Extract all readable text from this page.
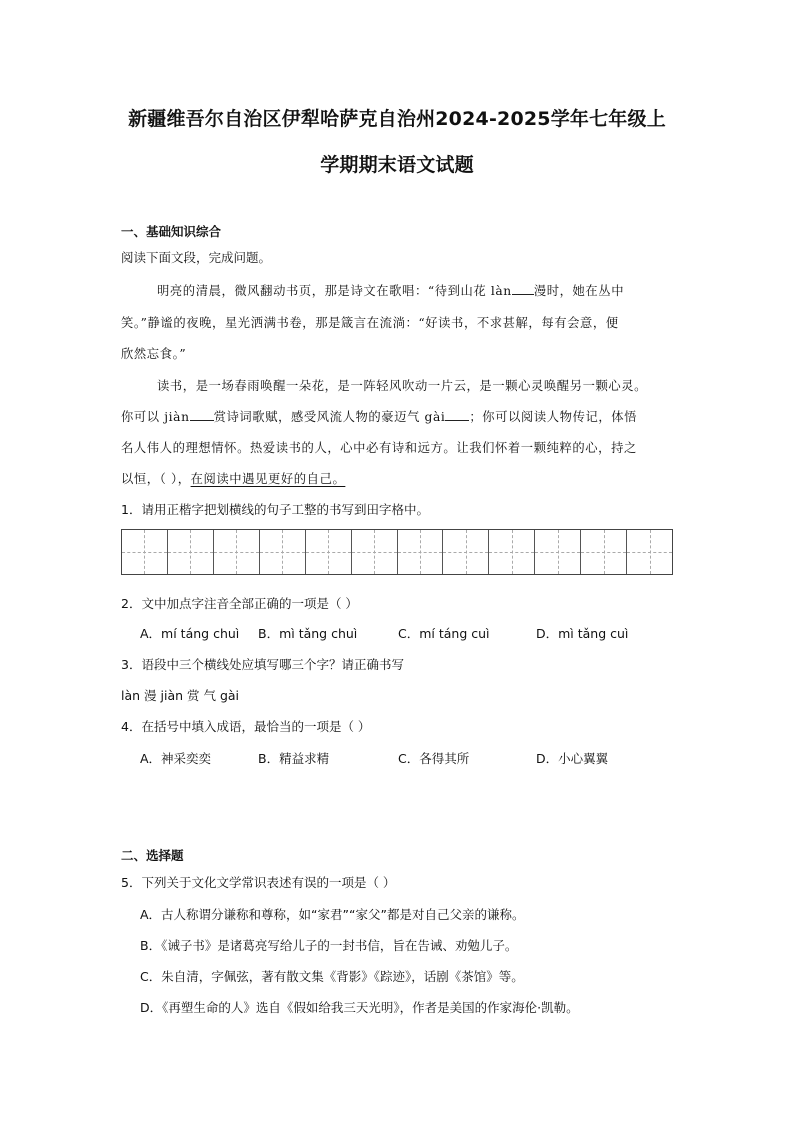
新疆维吾尔自治区伊犁哈萨克自治州2024-2025学年七年级上
学期期末语文试题
一、基础知识综合
阅读下面文段，完成问题。
明亮的清晨，微风翻动书页，那是诗文在歌唱：“待到山花 làn 漫时，她在丛中
笑。”静谧的夜晚，星光洒满书卷，那是箴言在流淌：“好读书，不求甚解，每有会意，便
欣然忘食。”
读书，是一场春雨唤醒一朵花，是一阵轻风吹动一片云，是一颗心灵唤醒另一颗心灵。
你可以 jiàn 赏诗词歌赋，感受风流人物的豪迈气 gài ；你可以阅读人物传记，体悟
名人伟人的理想情怀。热爱读书的人，心中必有诗和远方。让我们怀着一颗纯粹的心，持之
以恒，（ ），在阅读中遇见更好的自己。
1．请用正楷字把划横线的句子工整的书写到田字格中。
2．文中加点字注音全部正确的一项是（ ）
A．mí táng chuì B．mì tǎng chuì	C．mí táng cuì	D．mì tǎng cuì
3．语段中三个横线处应填写哪三个字？请正确书写
làn 漫 jiàn 赏 气 gài
4．在括号中填入成语，最恰当的一项是（ ）
A．神采奕奕	B．精益求精	C．各得其所	D．小心翼翼
二、选择题
5．下列关于文化文学常识表述有误的一项是（ ）
A．古人称谓分谦称和尊称，如“家君”“家父”都是对自己父亲的谦称。
B．《诫子书》是诸葛亮写给儿子的一封书信，旨在告诫、劝勉儿子。
C．朱自清，字佩弦，著有散文集《背影》《踪迹》，话剧《茶馆》等。
D．《再塑生命的人》选自《假如给我三天光明》，作者是美国的作家海伦·凯勒。
